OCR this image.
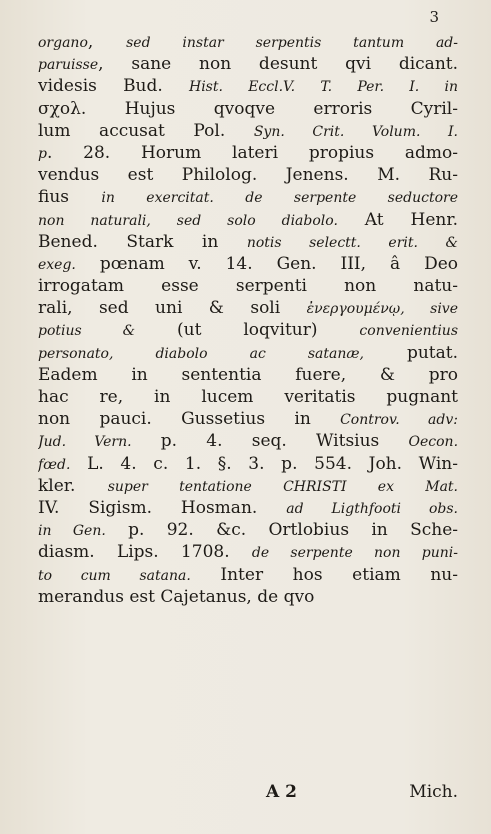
3
organo, sed instar serpentis tantum ad-
paruisse, sane non desunt qvi dicant.
videsis Bud. Hist. Eccl.V. T. Per. I. in
σχολ. Hujus qvoqve erroris Cyril-
lum accusat Pol. Syn. Crit. Volum. I.
p. 28. Horum lateri propius admo-
vendus est Philolog. Jenens. M. Ru-
fius in exercitat. de serpente seductore
non naturali, sed solo diabolo. At Henr.
Bened. Stark in notis selectt. erit. &
exeg. pœnam v. 14. Gen. III, â Deo
irrogatam esse serpenti non natu-
rali, sed uni & soli ἐνεργουμένῳ, sive
potius & (ut loqvitur) convenientius
personato, diabolo ac satanæ, putat.
Eadem in sententia fuere, & pro
hac re, in lucem veritatis pugnant
non pauci. Gussetius in Controv. adv:
Jud. Vern. p. 4. seq. Witsius Oecon.
fœd. L. 4. c. 1. §. 3. p. 554. Joh. Win-
kler. super tentatione CHRISTI ex Mat.
IV. Sigism. Hosman. ad Ligthfooti obs.
in Gen. p. 92. &c. Ortlobius in Sche-
diasm. Lips. 1708. de serpente non puni-
to cum satana. Inter hos etiam nu-
merandus est Cajetanus, de qvo
A 2	Mich.
